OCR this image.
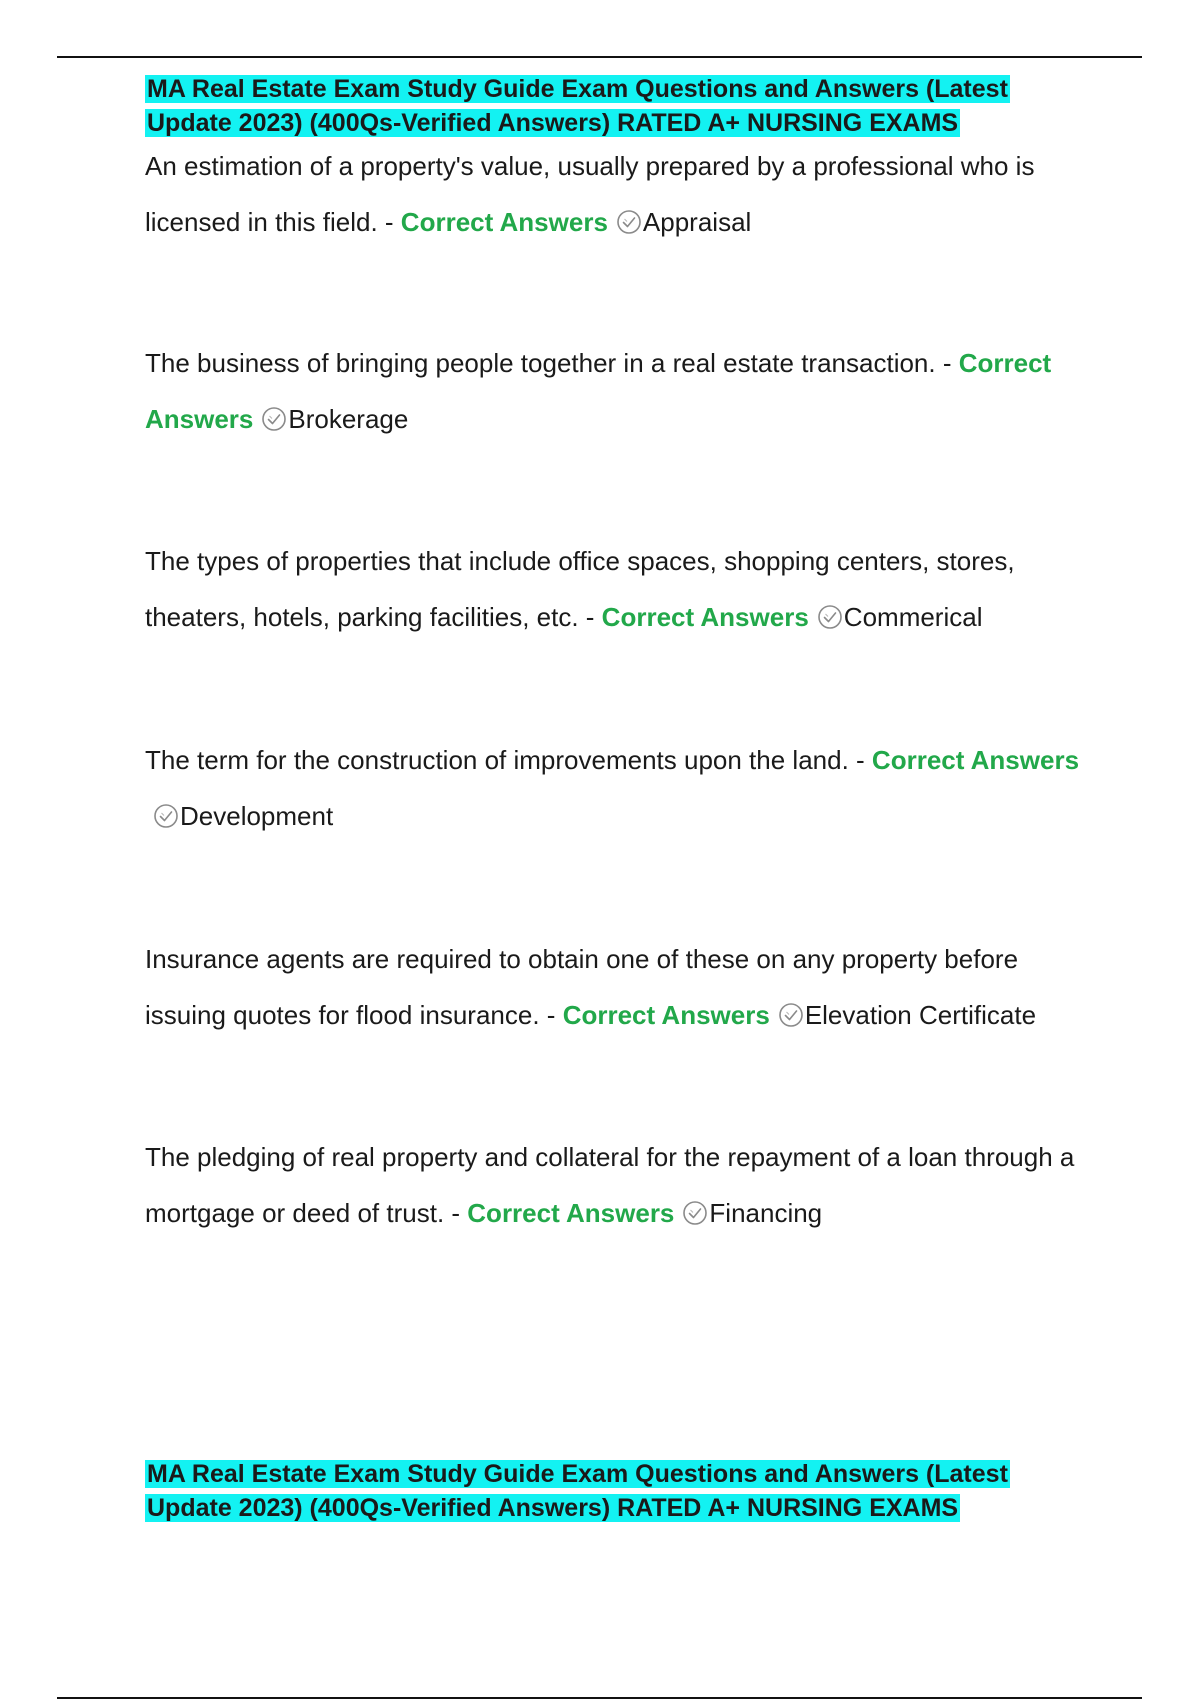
MA Real Estate Exam Study Guide Exam Questions and Answers (Latest Update 2023) (400Qs-Verified Answers) RATED A+ NURSING EXAMS

An estimation of a property's value, usually prepared by a professional who is licensed in this field. - Correct Answers Appraisal

The business of bringing people together in a real estate transaction. - Correct Answers Brokerage

The types of properties that include office spaces, shopping centers, stores, theaters, hotels, parking facilities, etc. - Correct Answers Commerical

The term for the construction of improvements upon the land. - Correct Answers
Development

Insurance agents are required to obtain one of these on any property before issuing quotes for flood insurance. - Correct Answers Elevation Certificate

The pledging of real property and collateral for the repayment of a loan through a mortgage or deed of trust. - Correct Answers Financing

MA Real Estate Exam Study Guide Exam Questions and Answers (Latest Update 2023) (400Qs-Verified Answers) RATED A+ NURSING EXAMS
